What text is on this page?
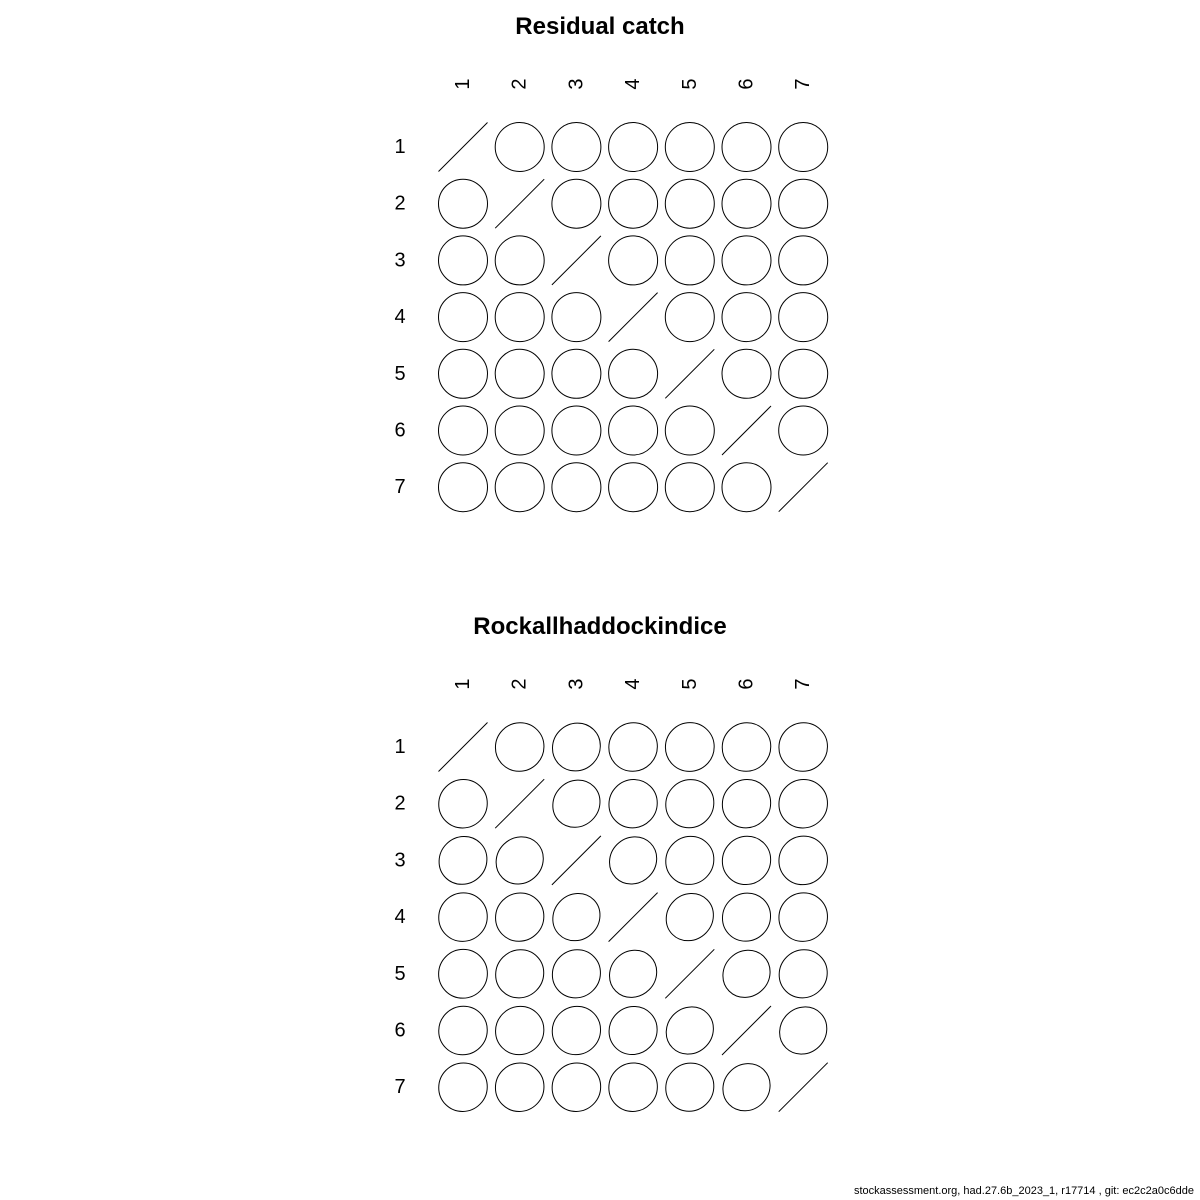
Residual catch
1 2 3 4 5 6 7
1
2
3
4
5
6
7
Rockallhaddockindice
1 2 3 4 5 6 7
1
2
3
4
5
6
7
stockassessment.org, had.27.6b_2023_1, r17714 , git: ec2c2a0c6dde
